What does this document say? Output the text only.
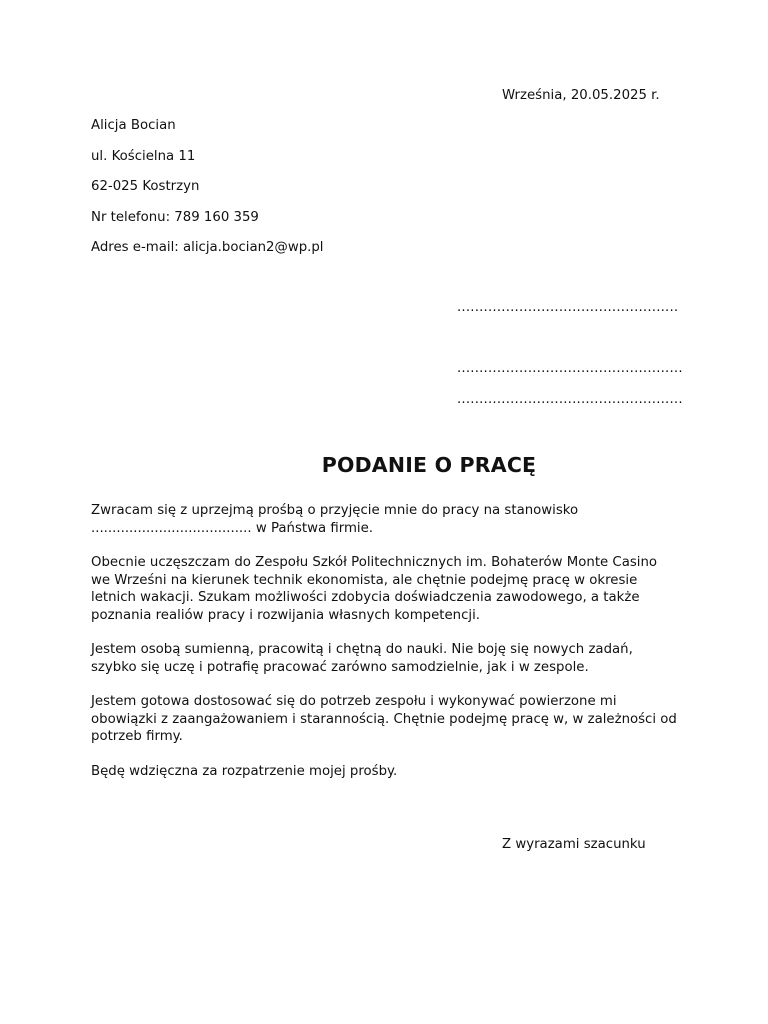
Września, 20.05.2025 r.
Alicja Bocian
ul. Kościelna 11
62-025 Kostrzyn
Nr telefonu: 789 160 359
Adres e-mail: alicja.bocian2@wp.pl
..................................................
...................................................
...................................................
PODANIE O PRACĘ

Zwracam się z uprzejmą prośbą o przyjęcie mnie do pracy na stanowisko
...................................... w Państwa firmie.

Obecnie uczęszczam do Zespołu Szkół Politechnicznych im. Bohaterów Monte Casino
we Wrześni na kierunek technik ekonomista, ale chętnie podejmę pracę w okresie
letnich wakacji. Szukam możliwości zdobycia doświadczenia zawodowego, a także
poznania realiów pracy i rozwijania własnych kompetencji.

Jestem osobą sumienną, pracowitą i chętną do nauki. Nie boję się nowych zadań,
szybko się uczę i potrafię pracować zarówno samodzielnie, jak i w zespole.

Jestem gotowa dostosować się do potrzeb zespołu i wykonywać powierzone mi
obowiązki z zaangażowaniem i starannością. Chętnie podejmę pracę w, w zależności od
potrzeb firmy.

Będę wdzięczna za rozpatrzenie mojej prośby.

Z wyrazami szacunku
